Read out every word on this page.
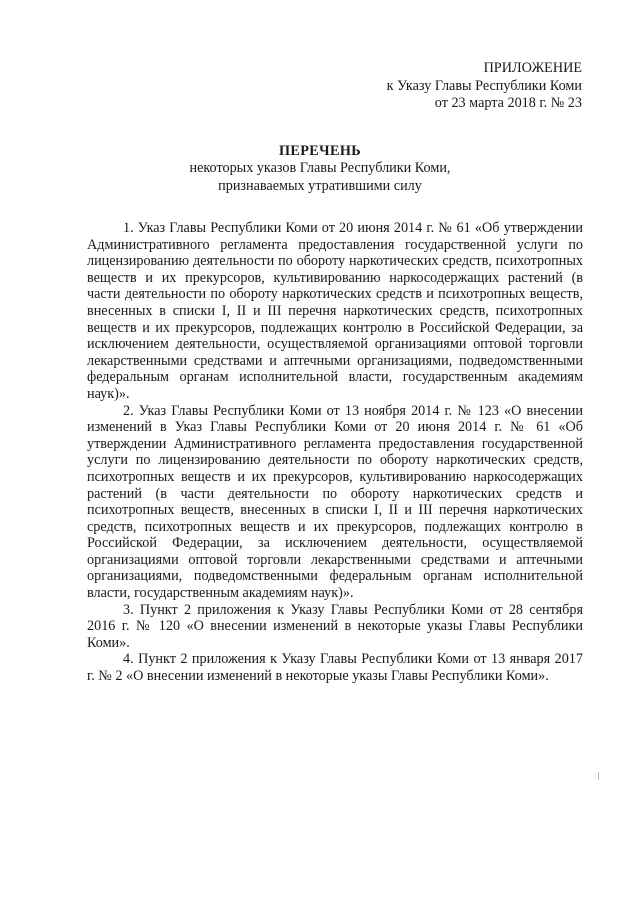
ПРИЛОЖЕНИЕ
к Указу Главы Республики Коми
от 23 марта 2018 г. № 23
ПЕРЕЧЕНЬ
некоторых указов Главы Республики Коми,
признаваемых утратившими силу

1. Указ Главы Республики Коми от 20 июня 2014 г. № 61 «Об утверждении Административного регламента предоставления государственной услуги по лицензированию деятельности по обороту наркотических средств, психотропных веществ и их прекурсоров, культивированию наркосодержащих растений (в части деятельности по обороту наркотических средств и психотропных веществ, внесенных в списки I, II и III перечня наркотических средств, психотропных веществ и их прекурсоров, подлежащих контролю в Российской Федерации, за исключением деятельности, осуществляемой организациями оптовой торговли лекарственными средствами и аптечными организациями, подведомственными федеральным органам исполнительной власти, государственным академиям наук)».

2. Указ Главы Республики Коми от 13 ноября 2014 г. № 123 «О внесении изменений в Указ Главы Республики Коми от 20 июня 2014 г. № 61 «Об утверждении Административного регламента предоставления государственной услуги по лицензированию деятельности по обороту наркотических средств, психотропных веществ и их прекурсоров, культивированию наркосодержащих растений (в части деятельности по обороту наркотических средств и психотропных веществ, внесенных в списки I, II и III перечня наркотических средств, психотропных веществ и их прекурсоров, подлежащих контролю в Российской Федерации, за исключением деятельности, осуществляемой организациями оптовой торговли лекарственными средствами и аптечными организациями, подведомственными федеральным органам исполнительной власти, государственным академиям наук)».

3. Пункт 2 приложения к Указу Главы Республики Коми от 28 сентября 2016 г. № 120 «О внесении изменений в некоторые указы Главы Республики Коми».

4. Пункт 2 приложения к Указу Главы Республики Коми от 13 января 2017 г. № 2 «О внесении изменений в некоторые указы Главы Республики Коми».
